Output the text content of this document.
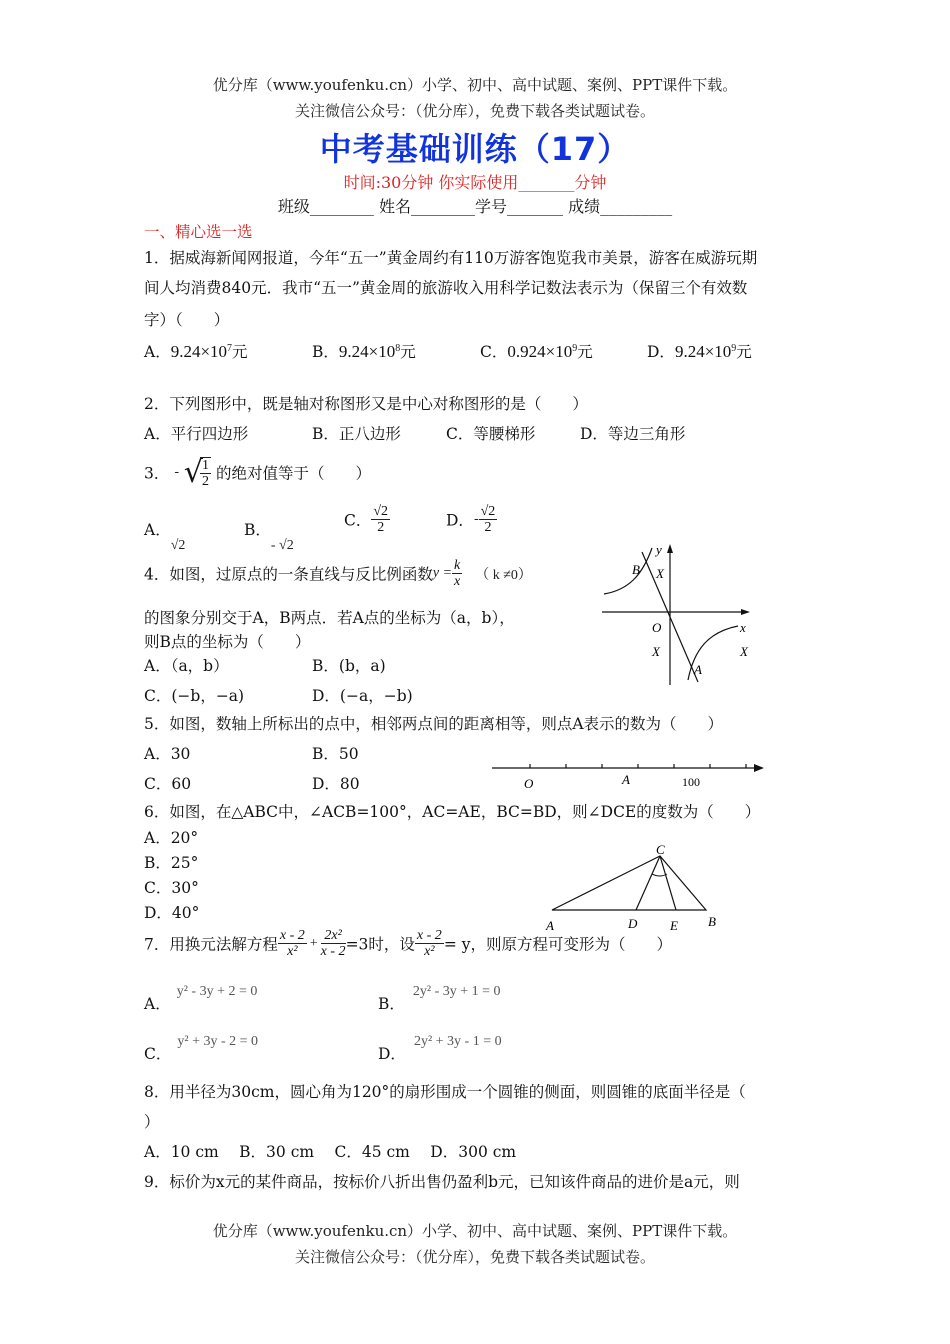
优分库（www.youfenku.cn）小学、初中、高中试题、案例、PPT课件下载。
关注微信公众号：（优分库），免费下载各类试题试卷。
中考基础训练（17）
时间:30分钟 你实际使用_______分钟
班级________ 姓名________学号_______ 成绩_________
一、精心选一选
1．据威海新闻网报道，今年“五一”黄金周约有110万游客饱览我市美景，游客在威游玩期
间人均消费840元．我市“五一”黄金周的旅游收入用科学记数法表示为（保留三个有效数
字）（　　）
A．$9.24\times 10^7$元	B．$9.24\times 10^8$元	C．$0.924\times 10^9$元	D．$9.24\times 10^9$元
2．下列图形中，既是轴对称图形又是中心对称图形的是（　　）
A．平行四边形	B．正八边形	C．等腰梯形	D．等边三角形
3． - √
$\frac{1}{2}$ 的绝对值等于（　　）
A．√2
B．- √2
C． $\frac{√2}{2}$	D．- $\frac{√2}{2}$
4．如图，过原点的一条直线与反比例函数$y = \frac{k}{x}$ （ k ≠0）
的图象分别交于A，B两点．若A点的坐标为（a，b），
则B点的坐标为（　　）
A．（a，b）	B．(b，a)
C．(−b，−a)	D．(−a，−b)
y
x
O
B
A
X
X	X
5．如图，数轴上所标出的点中，相邻两点间的距离相等，则点A表示的数为（　　）
A．30	B．50
C．60	D．80	O	A	100
6．如图，在△ABC中，∠ACB=100°，AC=AE，BC=BD，则∠DCE的度数为（　　）
A．20°
B．25°
C．30°
D．40°
C
A	B
D	E
7．用换元法解方程 $\frac{x - 2}{\text{x²}} + \frac{\text{2x²}}{x - 2} =3$时，设 $\frac{x - 2}{\text{x²}} = y$，则原方程可变形为（　　）
A．y² - 3y + 2 = 0
B．2y² - 3y + 1 = 0
C．y² + 3y - 2 = 0
D．2y² + 3y - 1 = 0
8．用半径为30cm，圆心角为120°的扇形围成一个圆锥的侧面，则圆锥的底面半径是（
）
A．10 cm　 B．30 cm　 C．45 cm　 D．300 cm
9．标价为x元的某件商品，按标价八折出售仍盈利b元，已知该件商品的进价是a元，则
优分库（www.youfenku.cn）小学、初中、高中试题、案例、PPT课件下载。
关注微信公众号：（优分库），免费下载各类试题试卷。
